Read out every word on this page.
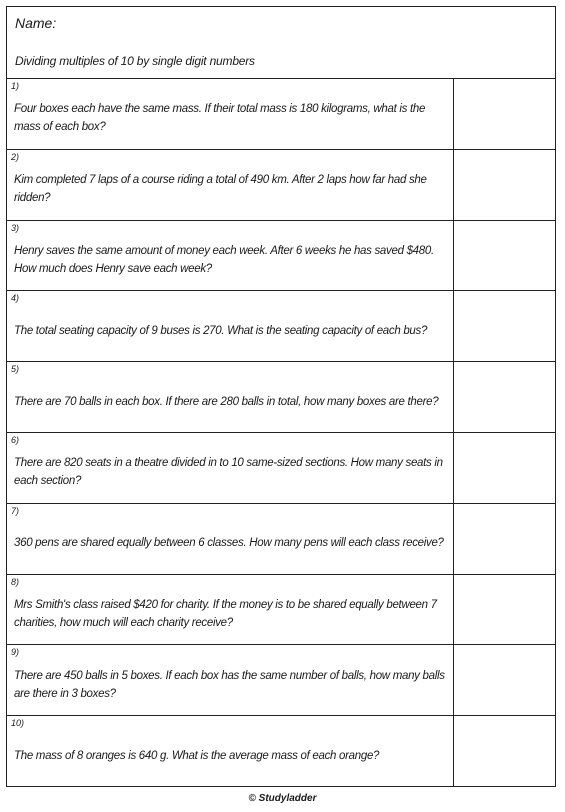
Name:
Dividing multiples of 10 by single digit numbers
1)
Four boxes each have the same mass. If their total mass is 180 kilograms, what is the mass of each box?
2)
Kim completed 7 laps of a course riding a total of 490 km. After 2 laps how far had she ridden?
3)
Henry saves the same amount of money each week. After 6 weeks he has saved $480. How much does Henry save each week?
4)
The total seating capacity of 9 buses is 270. What is the seating capacity of each bus?
5)
There are 70 balls in each box. If there are 280 balls in total, how many boxes are there?
6)
There are 820 seats in a theatre divided in to 10 same-sized sections. How many seats in each section?
7)
360 pens are shared equally between 6 classes. How many pens will each class receive?
8)
Mrs Smith's class raised $420 for charity. If the money is to be shared equally between 7 charities, how much will each charity receive?
9)
There are 450 balls in 5 boxes. If each box has the same number of balls, how many balls are there in 3 boxes?
10)
The mass of 8 oranges is 640 g. What is the average mass of each orange?
© Studyladder
